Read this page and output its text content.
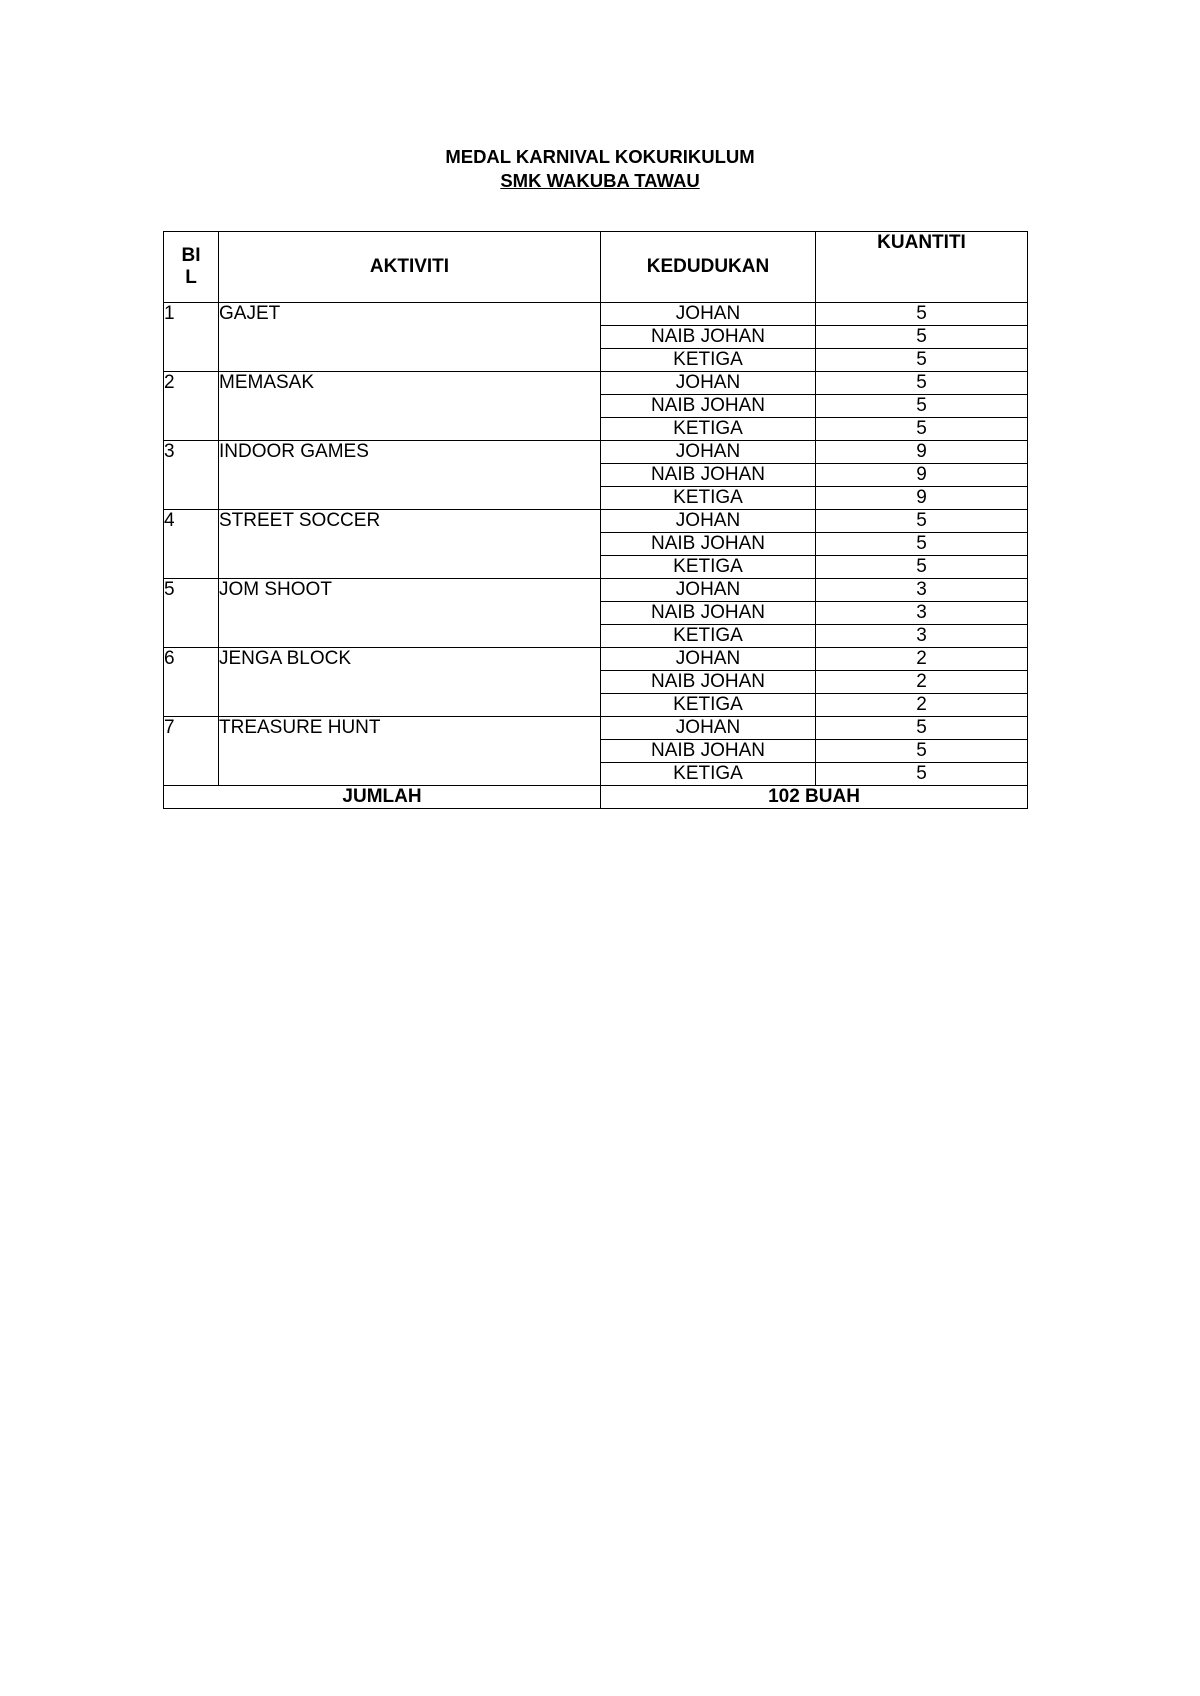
MEDAL KARNIVAL KOKURIKULUM
SMK WAKUBA TAWAU
BI
L	AKTIVITI	KEDUDUKAN	KUANTITI
1	GAJET	JOHAN	5
		NAIB JOHAN	5
		KETIGA	5
2	MEMASAK	JOHAN	5
		NAIB JOHAN	5
		KETIGA	5
3	INDOOR GAMES	JOHAN	9
		NAIB JOHAN	9
		KETIGA	9
4	STREET SOCCER	JOHAN	5
		NAIB JOHAN	5
		KETIGA	5
5	JOM SHOOT	JOHAN	3
		NAIB JOHAN	3
		KETIGA	3
6	JENGA BLOCK	JOHAN	2
		NAIB JOHAN	2
		KETIGA	2
7	TREASURE HUNT	JOHAN	5
		NAIB JOHAN	5
		KETIGA	5
JUMLAH		102 BUAH	
